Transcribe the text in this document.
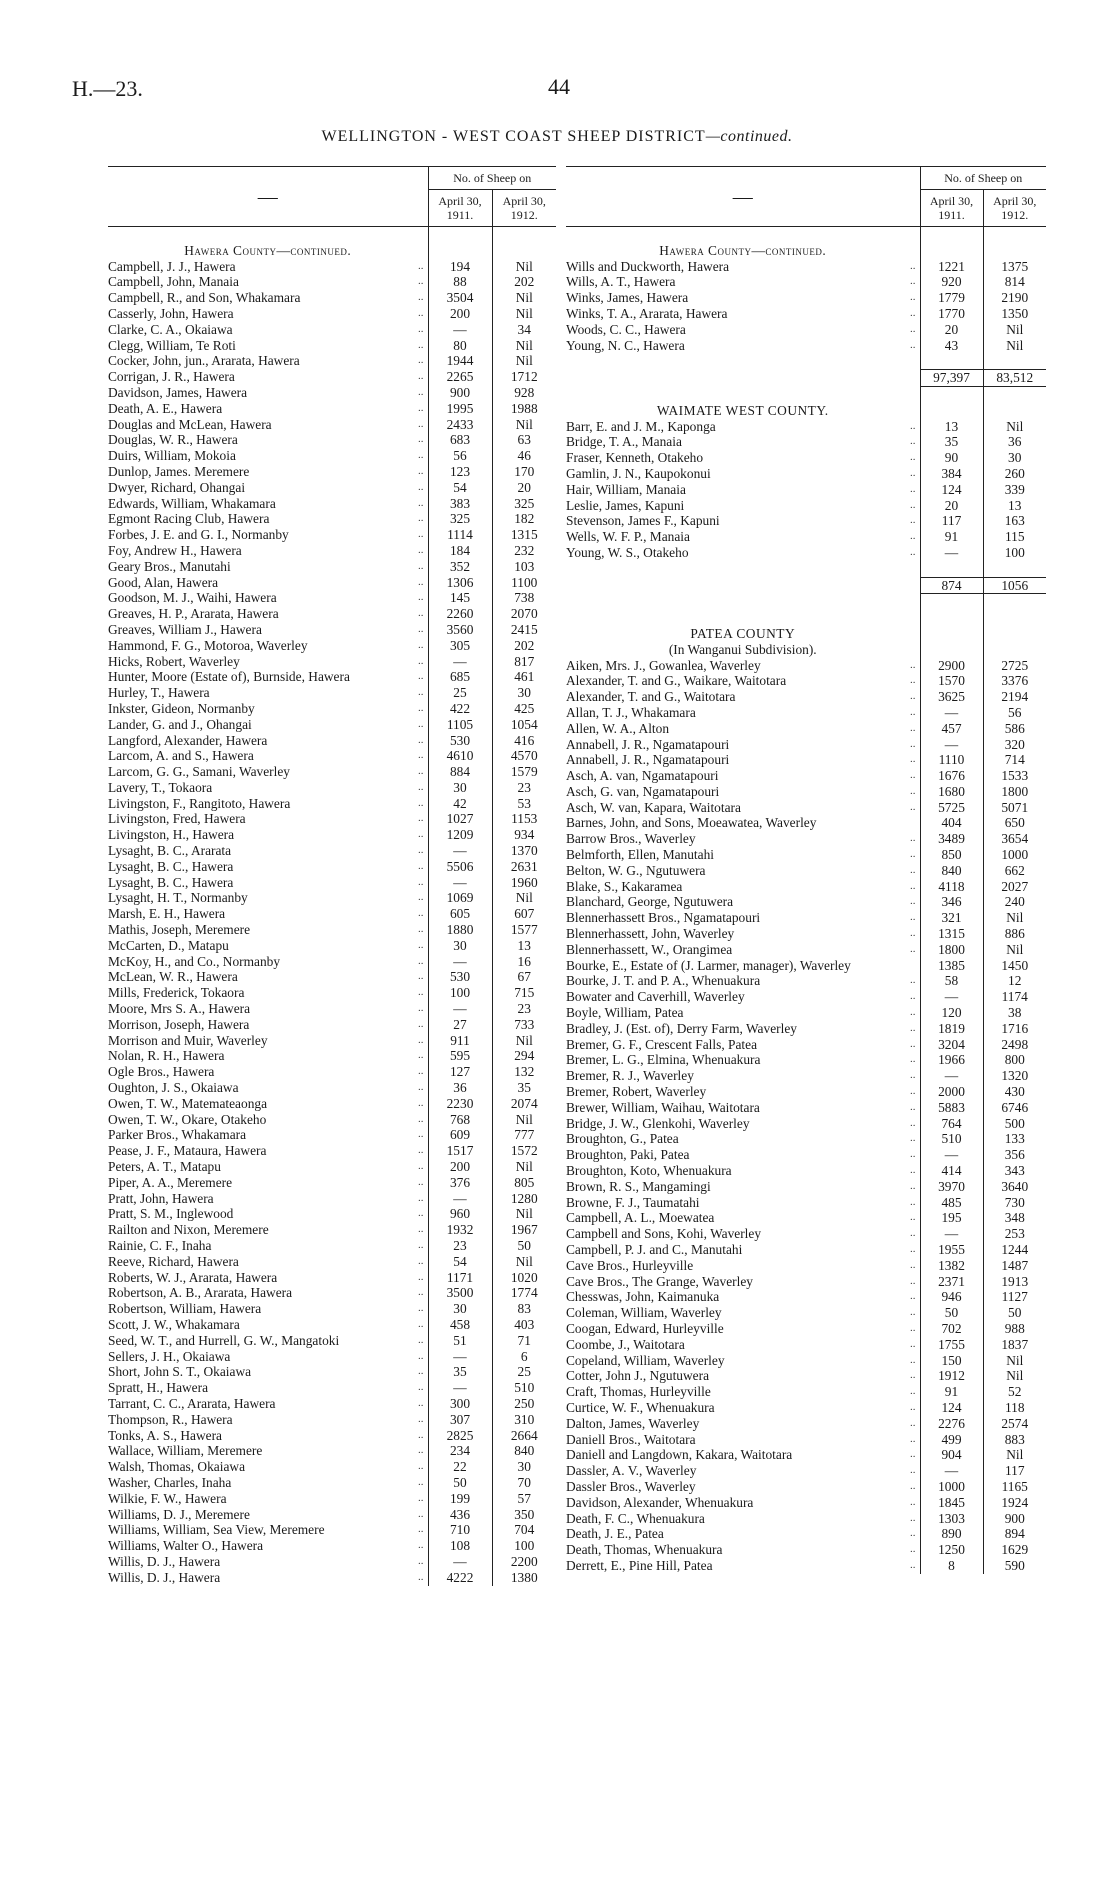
H.—23.	44
WELLINGTON - WEST COAST SHEEP DISTRICT—continued.
—	No. of Sheep on	
	April 30, 1911.	April 30, 1912.

Hawera County—continued.		
Campbell, J. J., Hawera ..	194	Nil
Campbell, John, Manaia ..	88	202
Campbell, R., and Son, Whakamara ..	3504	Nil
Casserly, John, Hawera ..	200	Nil
Clarke, C. A., Okaiawa ..	—	34
Clegg, William, Te Roti ..	80	Nil
Cocker, John, jun., Ararata, Hawera ..	1944	Nil
Corrigan, J. R., Hawera ..	2265	1712
Davidson, James, Hawera ..	900	928
Death, A. E., Hawera ..	1995	1988
Douglas and McLean, Hawera ..	2433	Nil
Douglas, W. R., Hawera ..	683	63
Duirs, William, Mokoia ..	56	46
Dunlop, James. Meremere ..	123	170
Dwyer, Richard, Ohangai ..	54	20
Edwards, William, Whakamara ..	383	325
Egmont Racing Club, Hawera ..	325	182
Forbes, J. E. and G. I., Normanby ..	1114	1315
Foy, Andrew H., Hawera ..	184	232
Geary Bros., Manutahi ..	352	103
Good, Alan, Hawera ..	1306	1100
Goodson, M. J., Waihi, Hawera ..	145	738
Greaves, H. P., Ararata, Hawera ..	2260	2070
Greaves, William J., Hawera ..	3560	2415
Hammond, F. G., Motoroa, Waverley ..	305	202
Hicks, Robert, Waverley ..	—	817
Hunter, Moore (Estate of), Burnside, Hawera ..	685	461
Hurley, T., Hawera ..	25	30
Inkster, Gideon, Normanby ..	422	425
Lander, G. and J., Ohangai ..	1105	1054
Langford, Alexander, Hawera ..	530	416
Larcom, A. and S., Hawera ..	4610	4570
Larcom, G. G., Samani, Waverley ..	884	1579
Lavery, T., Tokaora ..	30	23
Livingston, F., Rangitoto, Hawera ..	42	53
Livingston, Fred, Hawera ..	1027	1153
Livingston, H., Hawera ..	1209	934
Lysaght, B. C., Ararata ..	—	1370
Lysaght, B. C., Hawera ..	5506	2631
Lysaght, B. C., Hawera ..	—	1960
Lysaght, H. T., Normanby ..	1069	Nil
Marsh, E. H., Hawera ..	605	607
Mathis, Joseph, Meremere ..	1880	1577
McCarten, D., Matapu ..	30	13
McKoy, H., and Co., Normanby ..	—	16
McLean, W. R., Hawera ..	530	67
Mills, Frederick, Tokaora ..	100	715
Moore, Mrs S. A., Hawera ..	—	23
Morrison, Joseph, Hawera ..	27	733
Morrison and Muir, Waverley ..	911	Nil
Nolan, R. H., Hawera ..	595	294
Ogle Bros., Hawera ..	127	132
Oughton, J. S., Okaiawa ..	36	35
Owen, T. W., Matemateaonga ..	2230	2074
Owen, T. W., Okare, Otakeho ..	768	Nil
Parker Bros., Whakamara ..	609	777
Pease, J. F., Mataura, Hawera ..	1517	1572
Peters, A. T., Matapu ..	200	Nil
Piper, A. A., Meremere ..	376	805
Pratt, John, Hawera ..	—	1280
Pratt, S. M., Inglewood ..	960	Nil
Railton and Nixon, Meremere ..	1932	1967
Rainie, C. F., Inaha ..	23	50
Reeve, Richard, Hawera ..	54	Nil
Roberts, W. J., Ararata, Hawera ..	1171	1020
Robertson, A. B., Ararata, Hawera ..	3500	1774
Robertson, William, Hawera ..	30	83
Scott, J. W., Whakamara ..	458	403
Seed, W. T., and Hurrell, G. W., Mangatoki ..	51	71
Sellers, J. H., Okaiawa ..	—	6
Short, John S. T., Okaiawa ..	35	25
Spratt, H., Hawera ..	—	510
Tarrant, C. C., Ararata, Hawera ..	300	250
Thompson, R., Hawera ..	307	310
Tonks, A. S., Hawera ..	2825	2664
Wallace, William, Meremere ..	234	840
Walsh, Thomas, Okaiawa ..	22	30
Washer, Charles, Inaha ..	50	70
Wilkie, F. W., Hawera ..	199	57
Williams, D. J., Meremere ..	436	350
Williams, William, Sea View, Meremere ..	710	704
Williams, Walter O., Hawera ..	108	100
Willis, D. J., Hawera ..	—	2200
Willis, D. J., Hawera ..	4222	1380
—	No. of Sheep on	
	April 30, 1911.	April 30, 1912.

Hawera County—continued.		
Wills and Duckworth, Hawera ..	1221	1375
Wills, A. T., Hawera ..	920	814
Winks, James, Hawera ..	1779	2190
Winks, T. A., Ararata, Hawera ..	1770	1350
Woods, C. C., Hawera ..	20	Nil
Young, N. C., Hawera ..	43	Nil

	97,397	83,512

WAIMATE WEST COUNTY.		
Barr, E. and J. M., Kaponga ..	13	Nil
Bridge, T. A., Manaia ..	35	36
Fraser, Kenneth, Otakeho ..	90	30
Gamlin, J. N., Kaupokonui ..	384	260
Hair, William, Manaia ..	124	339
Leslie, James, Kapuni ..	20	13
Stevenson, James F., Kapuni ..	117	163
Wells, W. F. P., Manaia ..	91	115
Young, W. S., Otakeho ..	—	100

	874	1056

PATEA COUNTY		
(In Wanganui Subdivision).		
Aiken, Mrs. J., Gowanlea, Waverley ..	2900	2725
Alexander, T. and G., Waikare, Waitotara ..	1570	3376
Alexander, T. and G., Waitotara ..	3625	2194
Allan, T. J., Whakamara ..	—	56
Allen, W. A., Alton ..	457	586
Annabell, J. R., Ngamatapouri ..	—	320
Annabell, J. R., Ngamatapouri ..	1110	714
Asch, A. van, Ngamatapouri ..	1676	1533
Asch, G. van, Ngamatapouri ..	1680	1800
Asch, W. van, Kapara, Waitotara ..	5725	5071
Barnes, John, and Sons, Moeawatea, Waverley	404	650
Barrow Bros., Waverley ..	3489	3654
Belmforth, Ellen, Manutahi ..	850	1000
Belton, W. G., Ngutuwera ..	840	662
Blake, S., Kakaramea ..	4118	2027
Blanchard, George, Ngutuwera ..	346	240
Blennerhassett Bros., Ngamatapouri ..	321	Nil
Blennerhassett, John, Waverley ..	1315	886
Blennerhassett, W., Orangimea ..	1800	Nil
Bourke, E., Estate of (J. Larmer, manager), Waverley	1385	1450
Bourke, J. T. and P. A., Whenuakura ..	58	12
Bowater and Caverhill, Waverley ..	—	1174
Boyle, William, Patea ..	120	38
Bradley, J. (Est. of), Derry Farm, Waverley ..	1819	1716
Bremer, G. F., Crescent Falls, Patea ..	3204	2498
Bremer, L. G., Elmina, Whenuakura ..	1966	800
Bremer, R. J., Waverley ..	—	1320
Bremer, Robert, Waverley ..	2000	430
Brewer, William, Waihau, Waitotara ..	5883	6746
Bridge, J. W., Glenkohi, Waverley ..	764	500
Broughton, G., Patea ..	510	133
Broughton, Paki, Patea ..	—	356
Broughton, Koto, Whenuakura ..	414	343
Brown, R. S., Mangamingi ..	3970	3640
Browne, F. J., Taumatahi ..	485	730
Campbell, A. L., Moewatea ..	195	348
Campbell and Sons, Kohi, Waverley ..	—	253
Campbell, P. J. and C., Manutahi ..	1955	1244
Cave Bros., Hurleyville ..	1382	1487
Cave Bros., The Grange, Waverley ..	2371	1913
Chesswas, John, Kaimanuka ..	946	1127
Coleman, William, Waverley ..	50	50
Coogan, Edward, Hurleyville ..	702	988
Coombe, J., Waitotara ..	1755	1837
Copeland, William, Waverley ..	150	Nil
Cotter, John J., Ngutuwera ..	1912	Nil
Craft, Thomas, Hurleyville ..	91	52
Curtice, W. F., Whenuakura ..	124	118
Dalton, James, Waverley ..	2276	2574
Daniell Bros., Waitotara ..	499	883
Daniell and Langdown, Kakara, Waitotara ..	904	Nil
Dassler, A. V., Waverley ..	—	117
Dassler Bros., Waverley ..	1000	1165
Davidson, Alexander, Whenuakura ..	1845	1924
Death, F. C., Whenuakura ..	1303	900
Death, J. E., Patea ..	890	894
Death, Thomas, Whenuakura ..	1250	1629
Derrett, E., Pine Hill, Patea ..	8	590
